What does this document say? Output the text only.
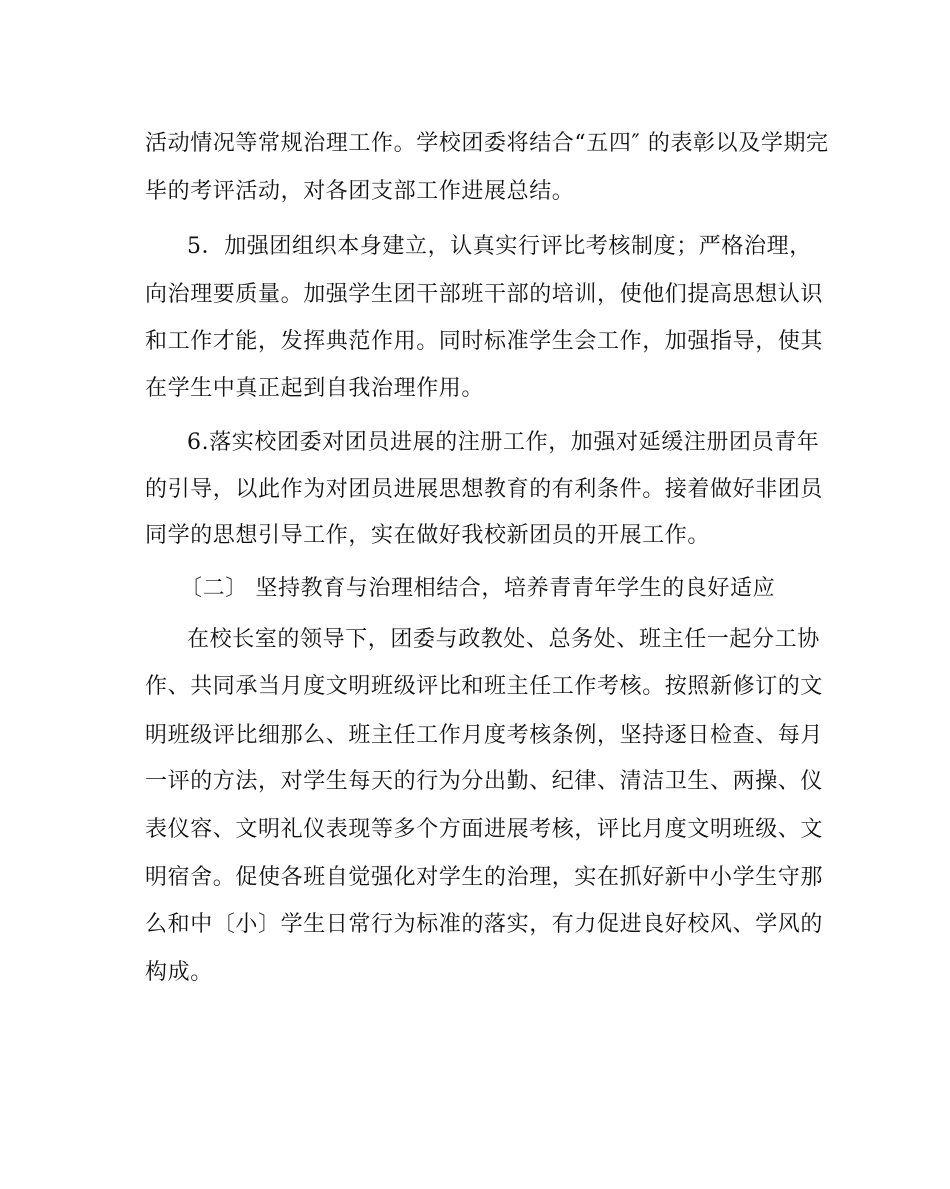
活动情况等常规治理工作。学校团委将结合“五四″ 的表彰以及学期完
毕的考评活动，对各团支部工作进展总结。
5．加强团组织本身建立，认真实行评比考核制度；严格治理，
向治理要质量。加强学生团干部班干部的培训，使他们提高思想认识
和工作才能，发挥典范作用。同时标准学生会工作，加强指导，使其
在学生中真正起到自我治理作用。
6.落实校团委对团员进展的注册工作，加强对延缓注册团员青年
的引导，以此作为对团员进展思想教育的有利条件。接着做好非团员
同学的思想引导工作，实在做好我校新团员的开展工作。
〔二〕 坚持教育与治理相结合，培养青青年学生的良好适应
在校长室的领导下，团委与政教处、总务处、班主任一起分工协
作、共同承当月度文明班级评比和班主任工作考核。按照新修订的文
明班级评比细那么、班主任工作月度考核条例，坚持逐日检查、每月
一评的方法，对学生每天的行为分出勤、纪律、清洁卫生、两操、仪
表仪容、文明礼仪表现等多个方面进展考核，评比月度文明班级、文
明宿舍。促使各班自觉强化对学生的治理，实在抓好新中小学生守那
么和中〔小〕学生日常行为标准的落实，有力促进良好校风、学风的
构成。
